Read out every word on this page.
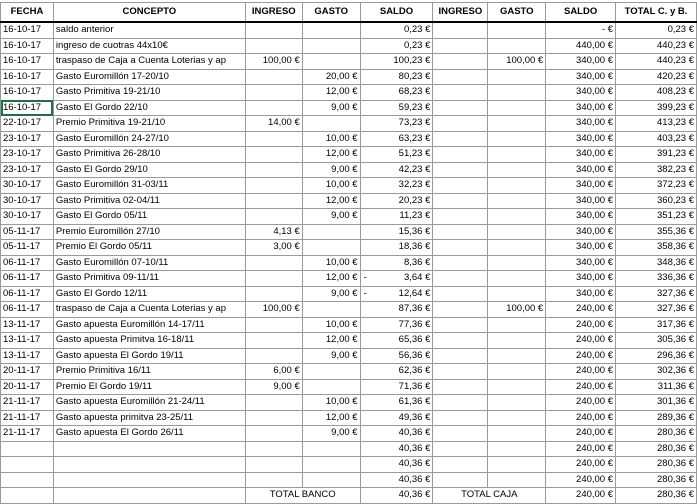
FECHA	CONCEPTO	INGRESO	GASTO	SALDO	INGRESO	GASTO	SALDO	TOTAL C. y B.
16-10-17	saldo anterior			0,23 €			- €	0,23 €
16-10-17	ingreso de cuotras 44x10€			0,23 €			440,00 €	440,23 €
16-10-17	traspaso de Caja a Cuenta Loterias y ap	100,00 €		100,23 €		100,00 €	340,00 €	440,23 €
16-10-17	Gasto Euromillón 17-20/10		20,00 €	80,23 €			340,00 €	420,23 €
16-10-17	Gasto Primitiva 19-21/10		12,00 €	68,23 €			340,00 €	408,23 €
16-10-17	Gasto El Gordo 22/10		9,00 €	59,23 €			340,00 €	399,23 €
22-10-17	Premio Primitiva 19-21/10	14,00 €		73,23 €			340,00 €	413,23 €
23-10-17	Gasto Euromillón 24-27/10		10,00 €	63,23 €			340,00 €	403,23 €
23-10-17	Gasto Primitiva 26-28/10		12,00 €	51,23 €			340,00 €	391,23 €
23-10-17	Gasto El Gordo 29/10		9,00 €	42,23 €			340,00 €	382,23 €
30-10-17	Gasto Euromillón 31-03/11		10,00 €	32,23 €			340,00 €	372,23 €
30-10-17	Gasto Primitiva 02-04/11		12,00 €	20,23 €			340,00 €	360,23 €
30-10-17	Gasto El Gordo 05/11		9,00 €	11,23 €			340,00 €	351,23 €
05-11-17	Premio Euromillón 27/10	4,13 €		15,36 €			340,00 €	355,36 €
05-11-17	Premio El Gordo 05/11	3,00 €		18,36 €			340,00 €	358,36 €
06-11-17	Gasto Euromillón 07-10/11		10,00 €	8,36 €			340,00 €	348,36 €
06-11-17	Gasto Primitiva 09-11/11		12,00 €	- 3,64 €			340,00 €	336,36 €
06-11-17	Gasto El Gordo 12/11		9,00 €	- 12,64 €			340,00 €	327,36 €
06-11-17	traspaso de Caja a Cuenta Loterias y ap	100,00 €		87,36 €		100,00 €	240,00 €	327,36 €
13-11-17	Gasto apuesta Euromillón 14-17/11		10,00 €	77,36 €			240,00 €	317,36 €
13-11-17	Gasto apuesta Primitva 16-18/11		12,00 €	65,36 €			240,00 €	305,36 €
13-11-17	Gasto apuesta El Gordo 19/11		9,00 €	56,36 €			240,00 €	296,36 €
20-11-17	Premio Primitiva 16/11	6,00 €		62,36 €			240,00 €	302,36 €
20-11-17	Premio El Gordo 19/11	9,00 €		71,36 €			240,00 €	311,36 €
21-11-17	Gasto apuesta Euromillón 21-24/11		10,00 €	61,36 €			240,00 €	301,36 €
21-11-17	Gasto apuesta primitva 23-25/11		12,00 €	49,36 €			240,00 €	289,36 €
21-11-17	Gasto apuesta El Gordo 26/11		9,00 €	40,36 €			240,00 €	280,36 €
				40,36 €			240,00 €	280,36 €
				40,36 €			240,00 €	280,36 €
				40,36 €			240,00 €	280,36 €
		TOTAL BANCO		40,36 €	TOTAL CAJA		240,00 €	280,36 €
